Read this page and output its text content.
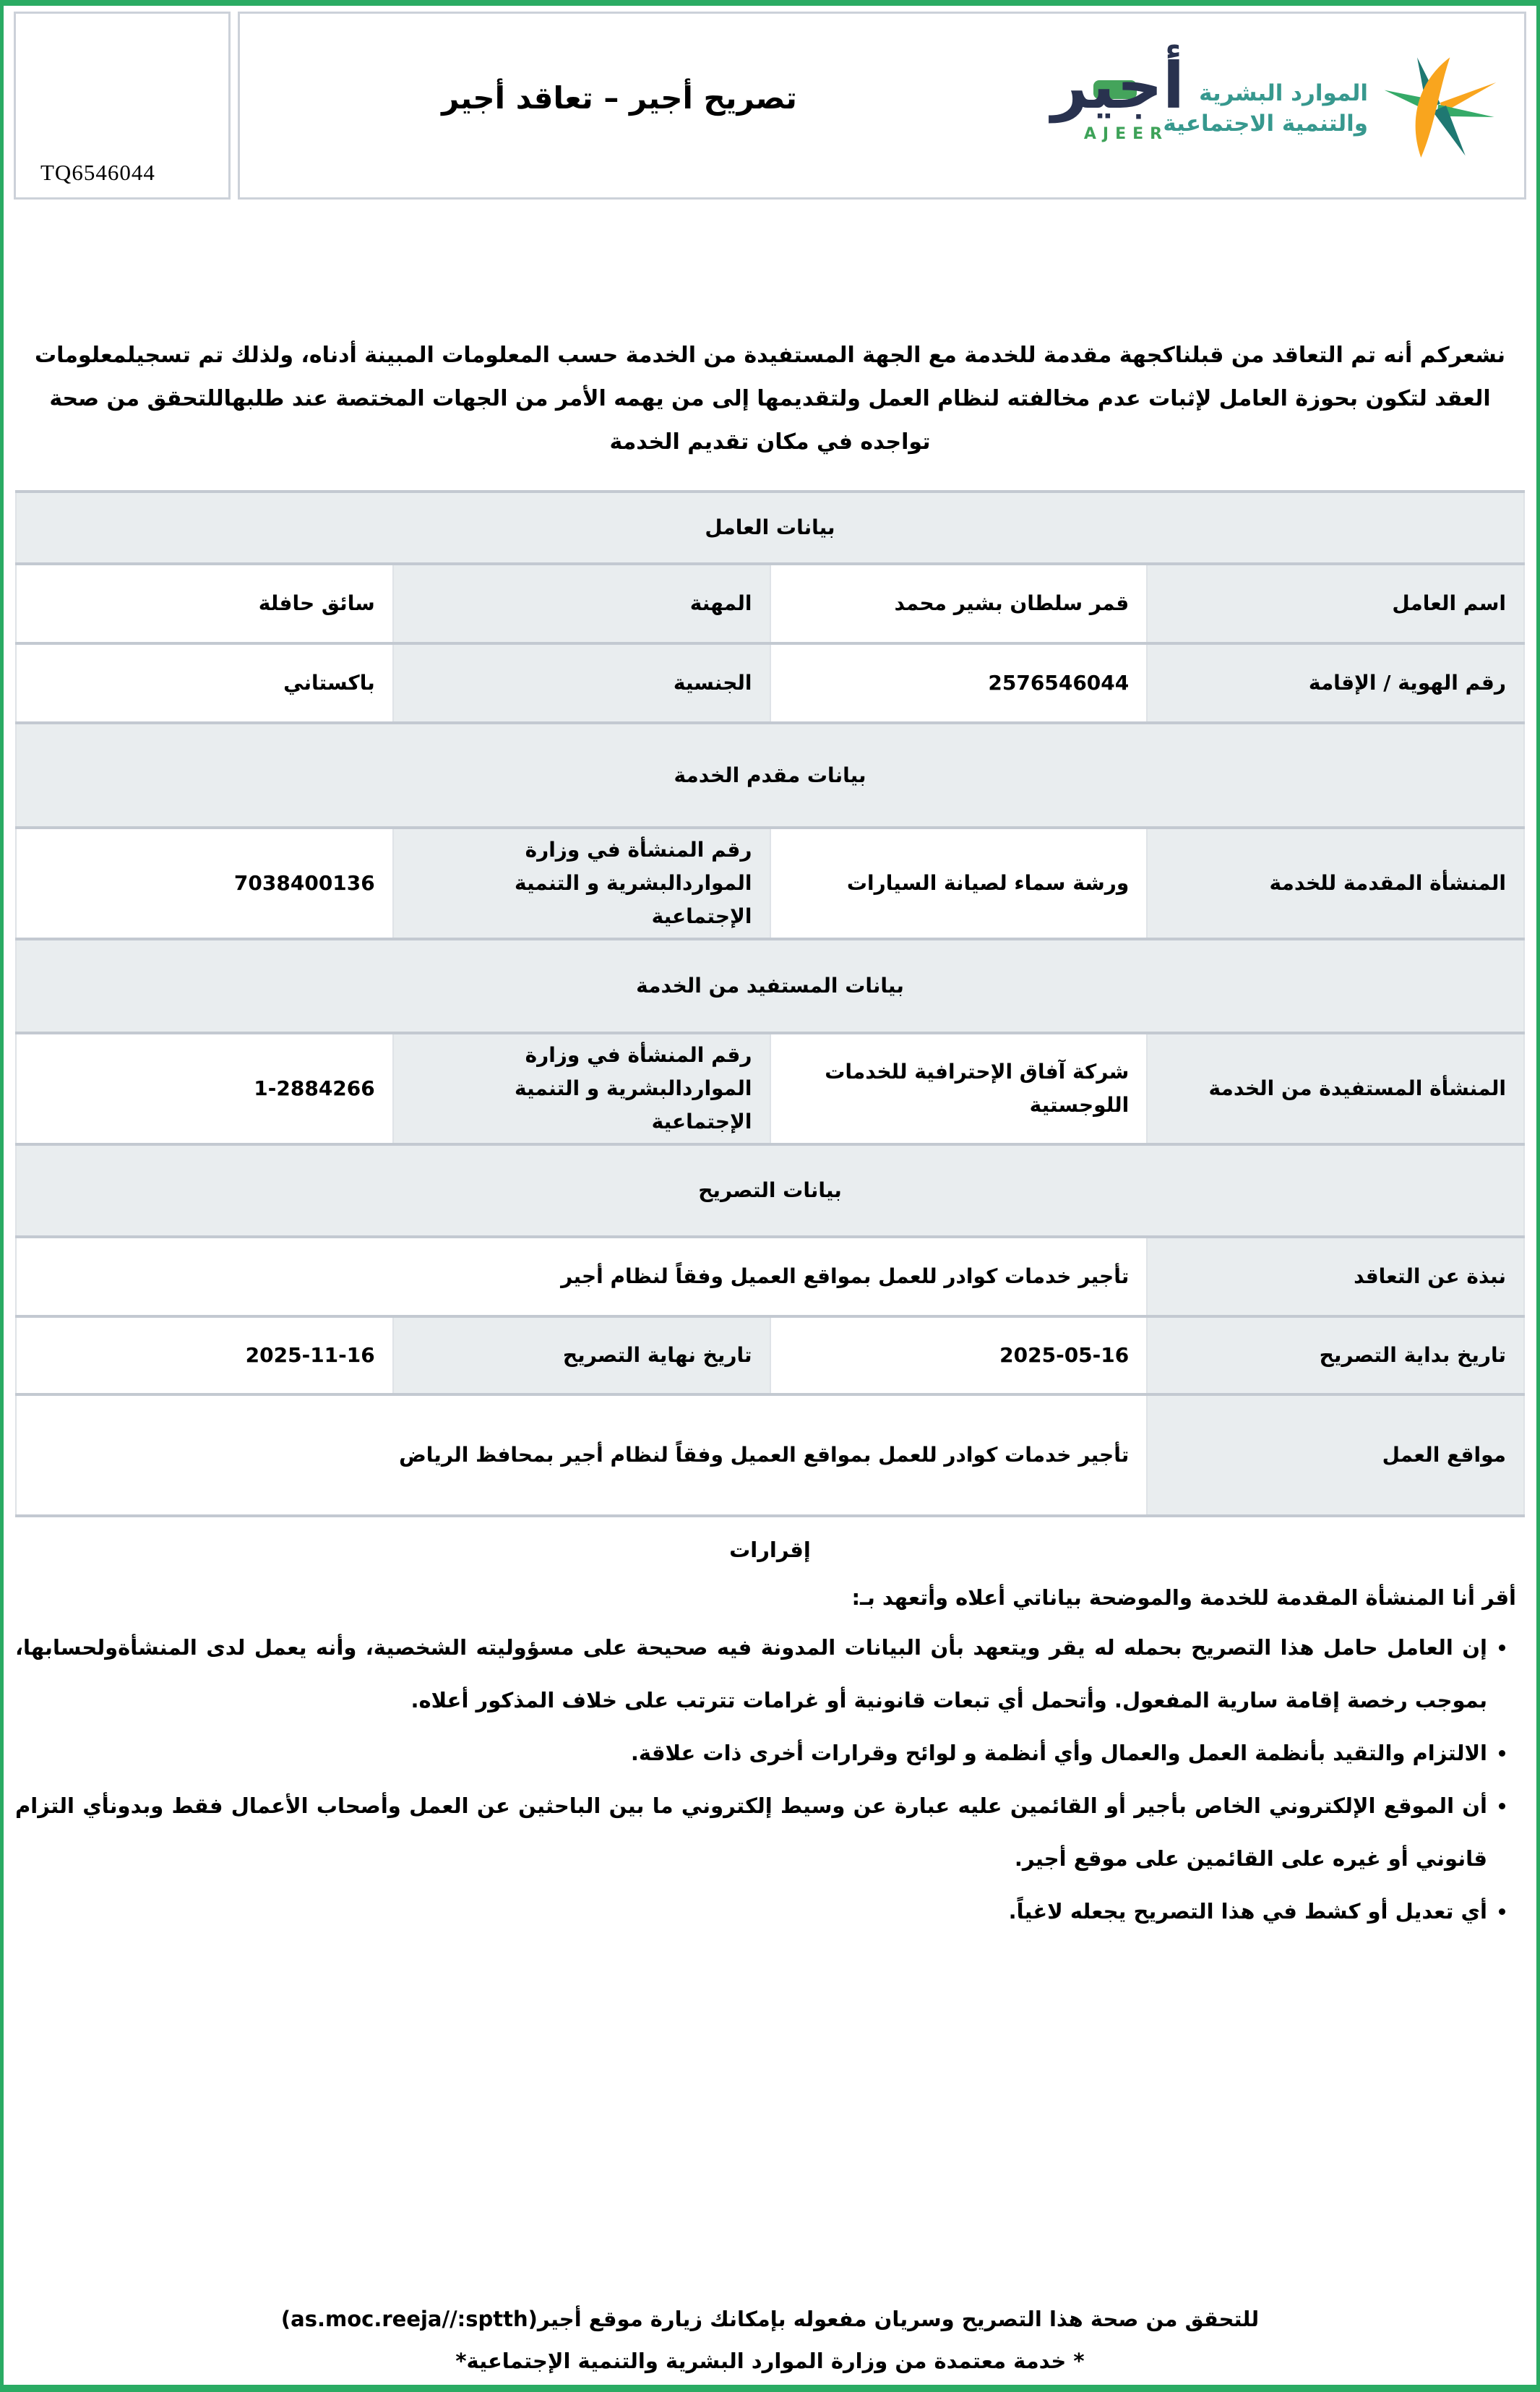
TQ6546044
تصريح أجير – تعاقد أجير	أجير
AJEER
الموارد البشرية
والتنمية الاجتماعية

نشعركم أنه تم التعاقد من قبلناكجهة مقدمة للخدمة مع الجهة المستفيدة من الخدمة حسب المعلومات المبينة أدناه، ولذلك تم تسجيلمعلومات العقد لتكون بحوزة العامل لإثبات عدم مخالفته لنظام العمل ولتقديمها إلى من يهمه الأمر من الجهات المختصة عند طلبهاللتحقق من صحة تواجده في مكان تقديم الخدمة

بيانات العامل			
اسم العامل	قمر سلطان بشير محمد	المهنة	سائق حافلة
رقم الهوية / الإقامة	2576546044	الجنسية	باكستاني
بيانات مقدم الخدمة			
المنشأة المقدمة للخدمة	ورشة سماء لصيانة السيارات	رقم المنشأة في وزارة المواردالبشرية و التنمية الإجتماعية	7038400136
بيانات المستفيد من الخدمة			
المنشأة المستفيدة من الخدمة	شركة آفاق الإحترافية للخدمات اللوجستية	رقم المنشأة في وزارة المواردالبشرية و التنمية الإجتماعية	1-2884266
بيانات التصريح			
نبذة عن التعاقد	تأجير خدمات كوادر للعمل بمواقع العميل وفقاً لنظام أجير		
تاريخ بداية التصريح	2025-05-16	تاريخ نهاية التصريح	2025-11-16
مواقع العمل	تأجير خدمات كوادر للعمل بمواقع العميل وفقاً لنظام أجير بمحافظ الرياض		
إقرارات

أقر أنا المنشأة المقدمة للخدمة والموضحة بياناتي أعلاه وأتعهد بـ:

• إن العامل حامل هذا التصريح بحمله له يقر ويتعهد بأن البيانات المدونة فيه صحيحة على مسؤوليته الشخصية، وأنه يعمل لدى المنشأةولحسابها، بموجب رخصة إقامة سارية المفعول. وأتحمل أي تبعات قانونية أو غرامات تترتب على خلاف المذكور أعلاه.
• الالتزام والتقيد بأنظمة العمل والعمال وأي أنظمة و لوائح وقرارات أخرى ذات علاقة.
• أن الموقع الإلكتروني الخاص بأجير أو القائمين عليه عبارة عن وسيط إلكتروني ما بين الباحثين عن العمل وأصحاب الأعمال فقط وبدونأي التزام قانوني أو غيره على القائمين على موقع أجير.
• أي تعديل أو كشط في هذا التصريح يجعله لاغياً.

للتحقق من صحة هذا التصريح وسريان مفعوله بإمكانك زيارة موقع أجير(as.moc.reeja//:sptth)

* خدمة معتمدة من وزارة الموارد البشرية والتنمية الإجتماعية*
